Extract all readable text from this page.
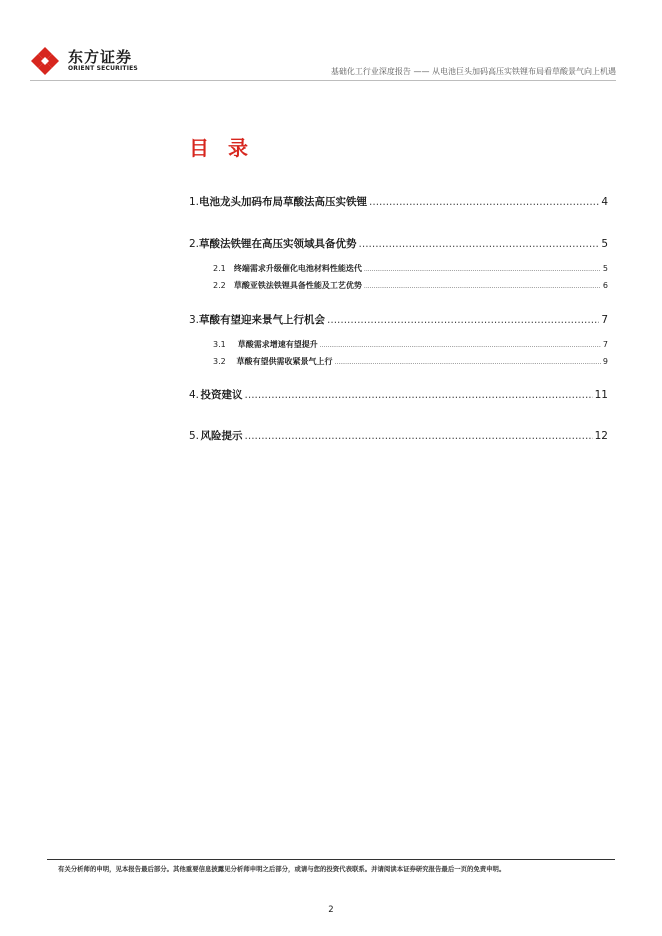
东方证券
ORIENT SECURITIES	基础化工行业深度报告 —— 从电池巨头加码高压实铁锂布局看草酸景气向上机遇
目 录
1. 电池龙头加码布局草酸法高压实铁锂 .....	4
2. 草酸法铁锂在高压实领域具备优势 .....	5
2.1	终端需求升级催化电池材料性能迭代 .....	5
2.2	草酸亚铁法铁锂具备性能及工艺优势 .....	6
3. 草酸有望迎来景气上行机会 .....	7
3.1	草酸需求增速有望提升 .....	7
3.2	草酸有望供需收紧景气上行 .....	9
4. 投资建议 .....	11
5. 风险提示 .....	12
有关分析师的申明，见本报告最后部分。其他重要信息披露见分析师申明之后部分，或请与您的投资代表联系。并请阅读本证券研究报告最后一页的免责申明。
2
